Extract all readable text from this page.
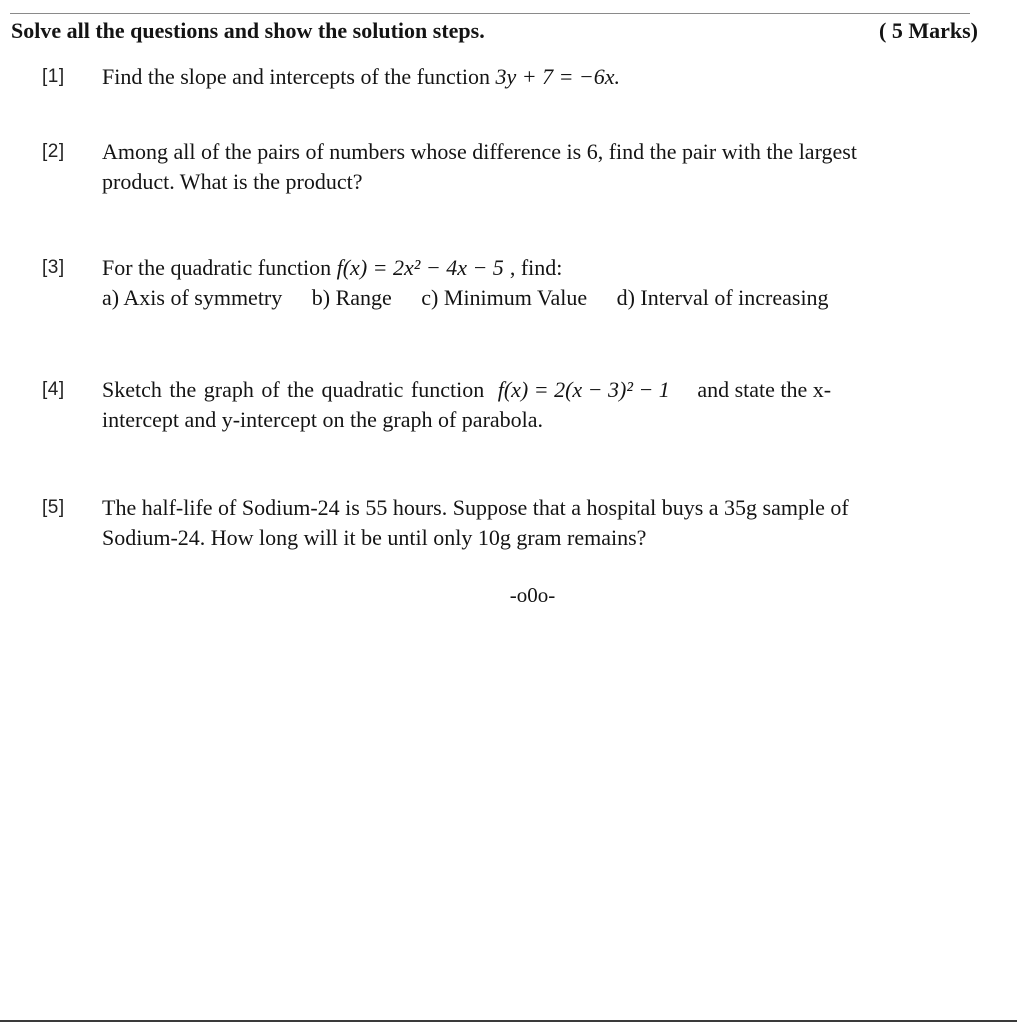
Solve all the questions and show the solution steps.	( 5 Marks)
[1] Find the slope and intercepts of the function 3y + 7 = −6x.
[2] Among all of the pairs of numbers whose difference is 6, find the pair with the largest
product. What is the product?
[3] For the quadratic function f(x) = 2x² − 4x − 5 , find:
a) Axis of symmetry b) Range c) Minimum Value d) Interval of increasing
[4] Sketch the graph of the quadratic function f(x) = 2(x − 3)² − 1 and state the x-
intercept and y-intercept on the graph of parabola.
[5] The half-life of Sodium-24 is 55 hours. Suppose that a hospital buys a 35g sample of
Sodium-24. How long will it be until only 10g gram remains?
-o0o-
